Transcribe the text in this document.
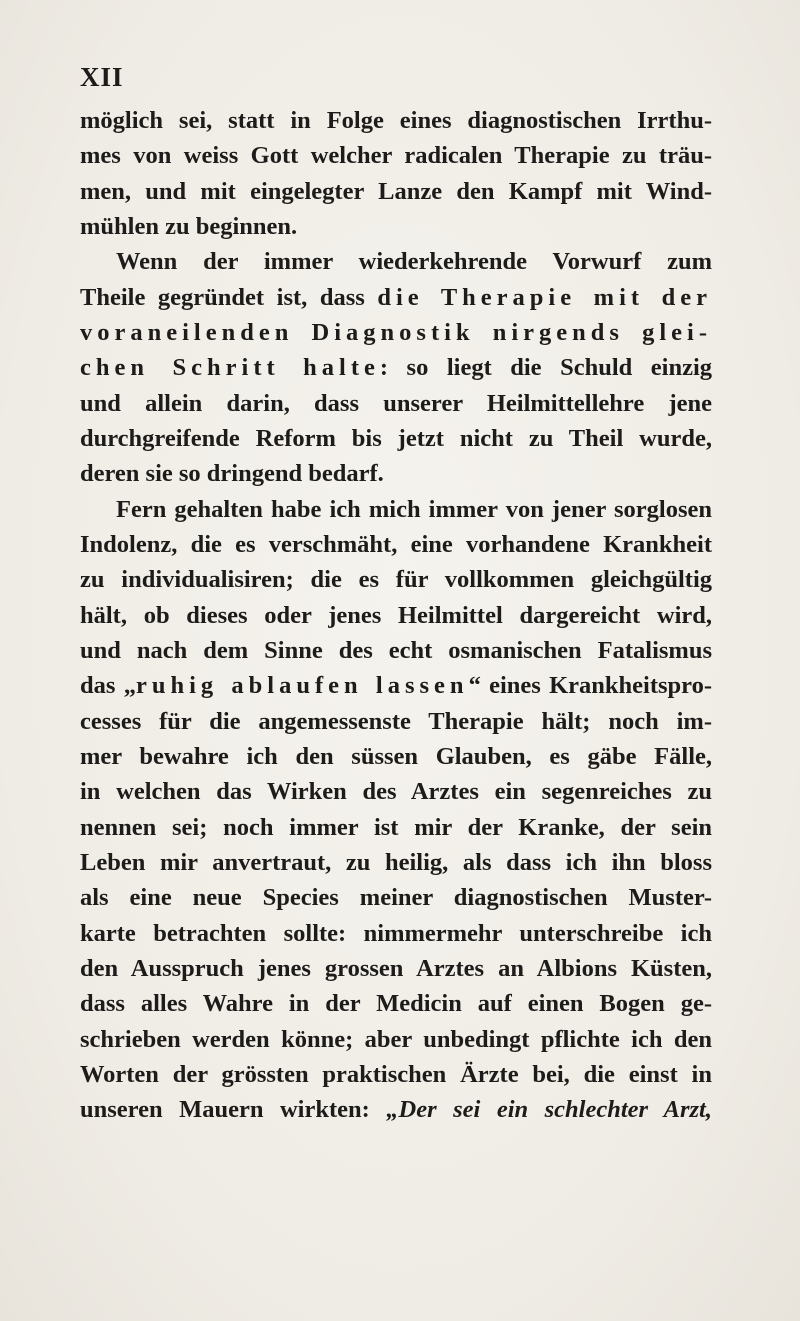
XII
möglich sei, statt in Folge eines diagnostischen Irrthu-
mes von weiss Gott welcher radicalen Therapie zu träu-
men, und mit eingelegter Lanze den Kampf mit Wind-
mühlen zu beginnen.
Wenn der immer wiederkehrende Vorwurf zum
Theile gegründet ist, dass die Therapie mit der
voraneilenden Diagnostik nirgends glei-
chen Schritt halte: so liegt die Schuld einzig
und allein darin, dass unserer Heilmittellehre jene
durchgreifende Reform bis jetzt nicht zu Theil wurde,
deren sie so dringend bedarf.
Fern gehalten habe ich mich immer von jener sorglosen
Indolenz, die es verschmäht, eine vorhandene Krankheit
zu individualisiren; die es für vollkommen gleichgültig
hält, ob dieses oder jenes Heilmittel dargereicht wird,
und nach dem Sinne des echt osmanischen Fatalismus
das „ruhig ablaufen lassen“ eines Krankheitspro-
cesses für die angemessenste Therapie hält; noch im-
mer bewahre ich den süssen Glauben, es gäbe Fälle,
in welchen das Wirken des Arztes ein segenreiches zu
nennen sei; noch immer ist mir der Kranke, der sein
Leben mir anvertraut, zu heilig, als dass ich ihn bloss
als eine neue Species meiner diagnostischen Muster-
karte betrachten sollte: nimmermehr unterschreibe ich
den Ausspruch jenes grossen Arztes an Albions Küsten,
dass alles Wahre in der Medicin auf einen Bogen ge-
schrieben werden könne; aber unbedingt pflichte ich den
Worten der grössten praktischen Ärzte bei, die einst in
unseren Mauern wirkten: „Der sei ein schlechter Arzt,
